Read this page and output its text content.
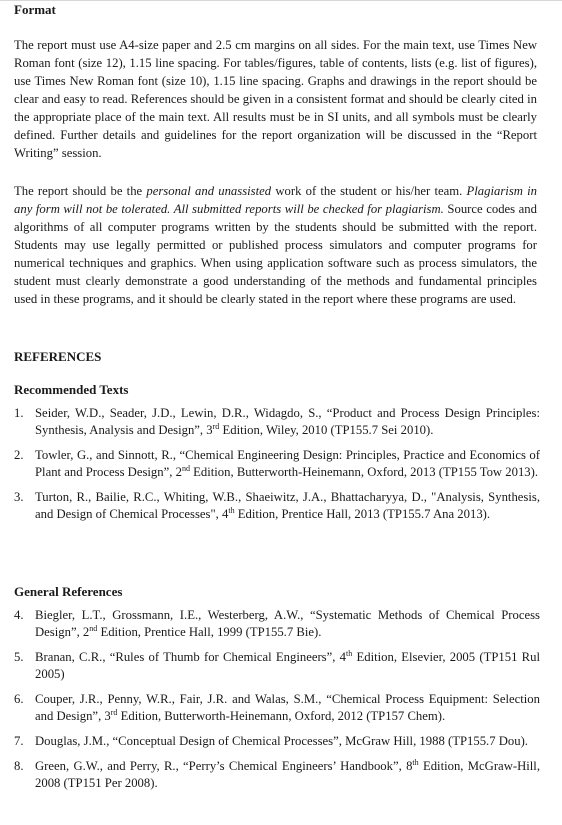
Format

The report must use A4-size paper and 2.5 cm margins on all sides. For the main text, use Times New Roman font (size 12), 1.15 line spacing. For tables/figures, table of contents, lists (e.g. list of figures), use Times New Roman font (size 10), 1.15 line spacing. Graphs and drawings in the report should be clear and easy to read. References should be given in a consistent format and should be clearly cited in the appropriate place of the main text. All results must be in SI units, and all symbols must be clearly defined. Further details and guidelines for the report organization will be discussed in the “Report Writing” session.

The report should be the personal and unassisted work of the student or his/her team. Plagiarism in any form will not be tolerated. All submitted reports will be checked for plagiarism. Source codes and algorithms of all computer programs written by the students should be submitted with the report. Students may use legally permitted or published process simulators and computer programs for numerical techniques and graphics. When using application software such as process simulators, the student must clearly demonstrate a good understanding of the methods and fundamental principles used in these programs, and it should be clearly stated in the report where these programs are used.

REFERENCES
Recommended Texts
1. Seider, W.D., Seader, J.D., Lewin, D.R., Widagdo, S., “Product and Process Design Principles: Synthesis, Analysis and Design”, 3rd Edition, Wiley, 2010 (TP155.7 Sei 2010).
2. Towler, G., and Sinnott, R., “Chemical Engineering Design: Principles, Practice and Economics of Plant and Process Design”, 2nd Edition, Butterworth-Heinemann, Oxford, 2013 (TP155 Tow 2013).
3. Turton, R., Bailie, R.C., Whiting, W.B., Shaeiwitz, J.A., Bhattacharyya, D., "Analysis, Synthesis, and Design of Chemical Processes", 4th Edition, Prentice Hall, 2013 (TP155.7 Ana 2013).
General References
4. Biegler, L.T., Grossmann, I.E., Westerberg, A.W., “Systematic Methods of Chemical Process Design”, 2nd Edition, Prentice Hall, 1999 (TP155.7 Bie).
5. Branan, C.R., “Rules of Thumb for Chemical Engineers”, 4th Edition, Elsevier, 2005 (TP151 Rul 2005)
6. Couper, J.R., Penny, W.R., Fair, J.R. and Walas, S.M., “Chemical Process Equipment: Selection and Design”, 3rd Edition, Butterworth-Heinemann, Oxford, 2012 (TP157 Chem).
7. Douglas, J.M., “Conceptual Design of Chemical Processes”, McGraw Hill, 1988 (TP155.7 Dou).
8. Green, G.W., and Perry, R., “Perry’s Chemical Engineers’ Handbook”, 8th Edition, McGraw-Hill, 2008 (TP151 Per 2008).
